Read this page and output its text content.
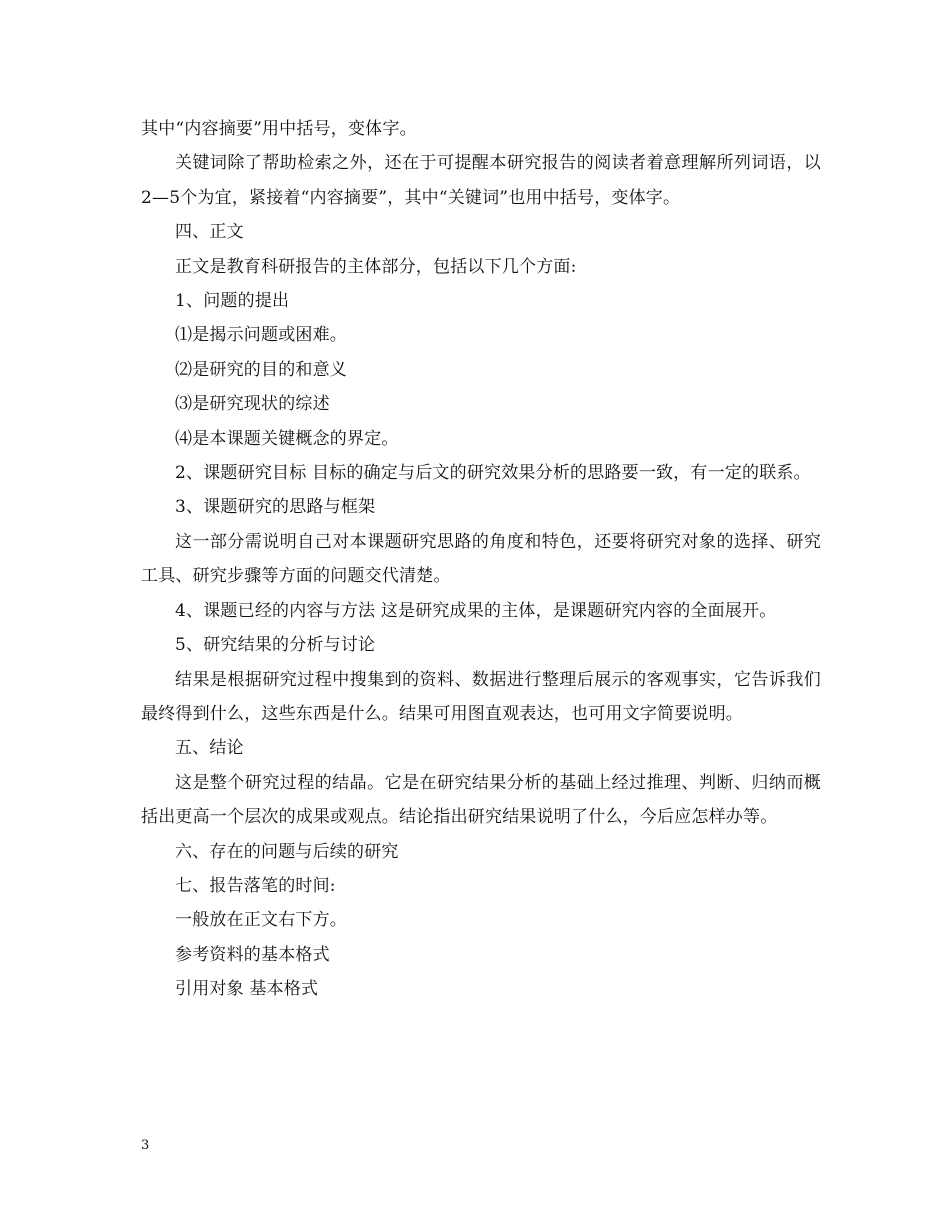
其中“内容摘要”用中括号，变体字。

关键词除了帮助检索之外，还在于可提醒本研究报告的阅读者着意理解所列词语，以2—5个为宜，紧接着“内容摘要”，其中“关键词”也用中括号，变体字。

四、正文

正文是教育科研报告的主体部分，包括以下几个方面:

1、问题的提出

⑴是揭示问题或困难。

⑵是研究的目的和意义

⑶是研究现状的综述

⑷是本课题关键概念的界定。

2、课题研究目标 目标的确定与后文的研究效果分析的思路要一致，有一定的联系。

3、课题研究的思路与框架

这一部分需说明自己对本课题研究思路的角度和特色，还要将研究对象的选择、研究工具、研究步骤等方面的问题交代清楚。

4、课题已经的内容与方法 这是研究成果的主体，是课题研究内容的全面展开。

5、研究结果的分析与讨论

结果是根据研究过程中搜集到的资料、数据进行整理后展示的客观事实，它告诉我们最终得到什么，这些东西是什么。结果可用图直观表达，也可用文字简要说明。

五、结论

这是整个研究过程的结晶。它是在研究结果分析的基础上经过推理、判断、归纳而概括出更高一个层次的成果或观点。结论指出研究结果说明了什么，今后应怎样办等。

六、存在的问题与后续的研究

七、报告落笔的时间:

一般放在正文右下方。

参考资料的基本格式

引用对象 基本格式

3
